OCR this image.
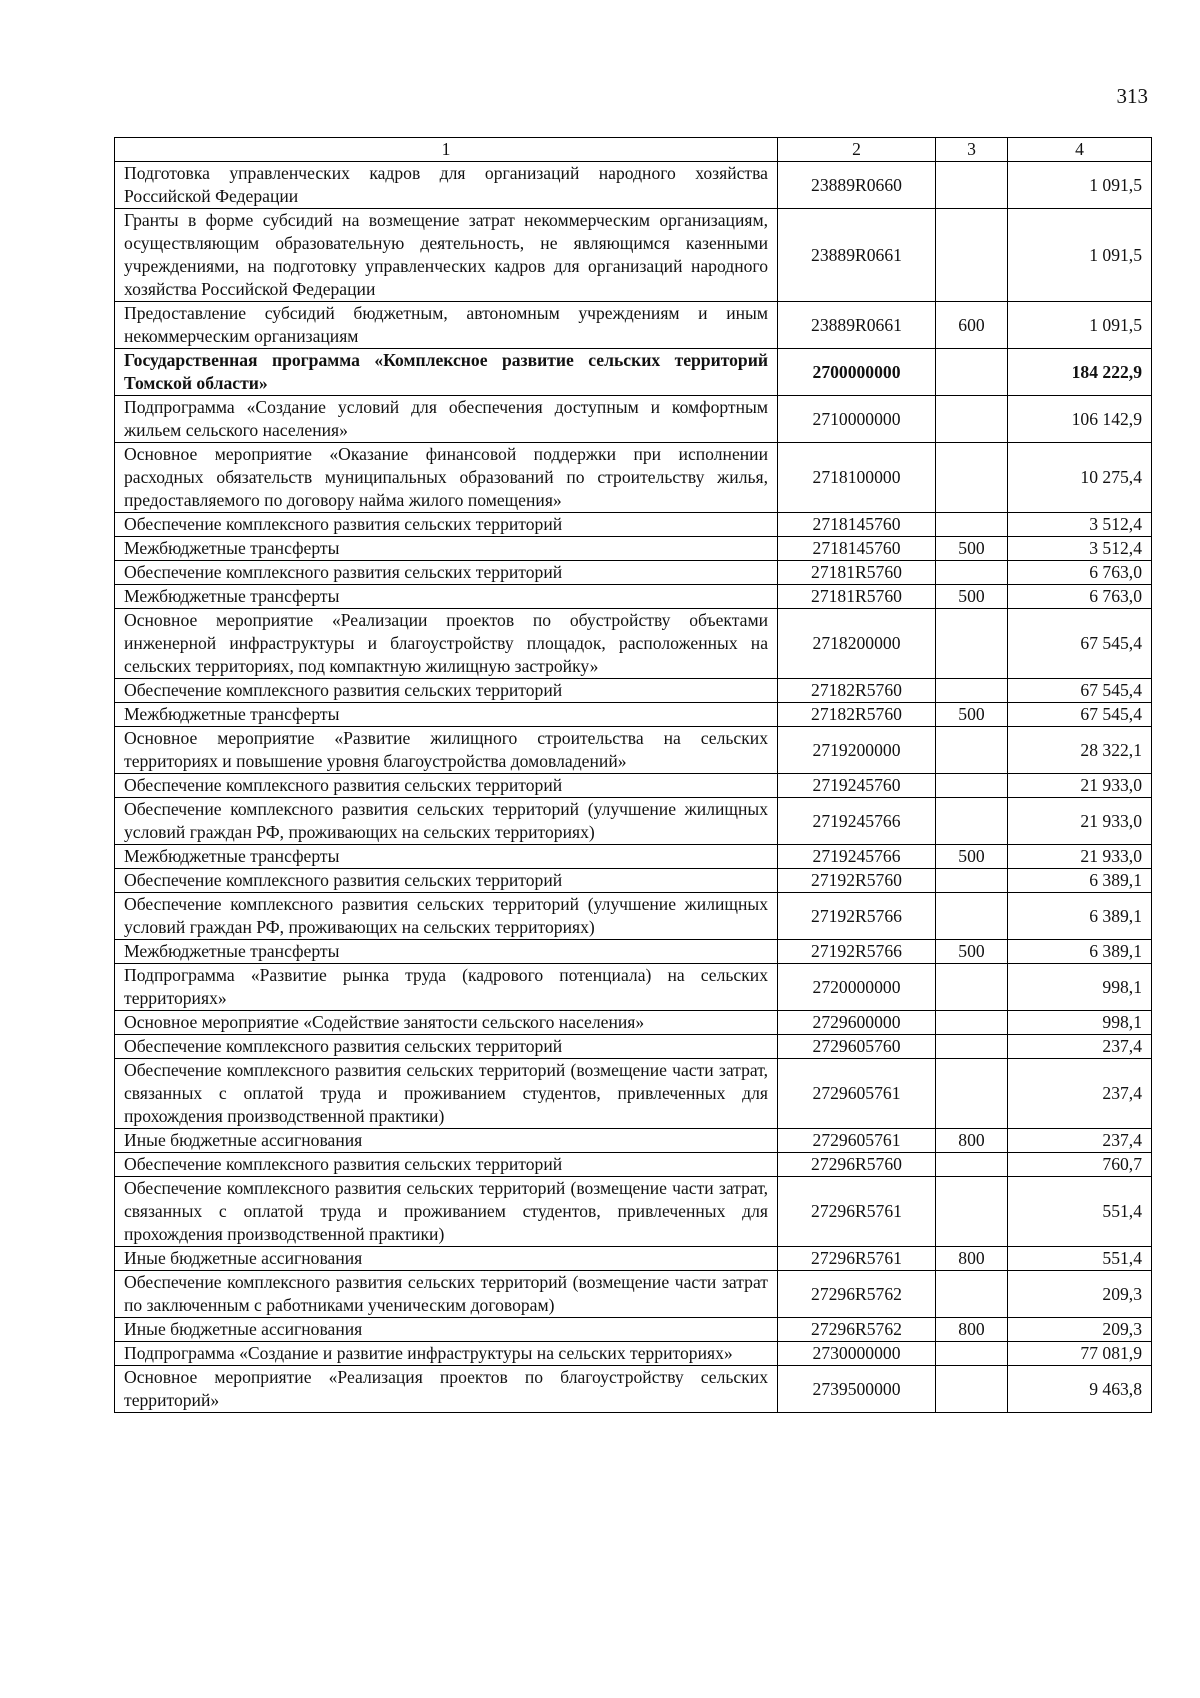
313
1	2	3	4
Подготовка управленческих кадров для организаций народного хозяйства Российской Федерации	23889R0660		1 091,5
Гранты в форме субсидий на возмещение затрат некоммерческим организациям, осуществляющим образовательную деятельность, не являющимся казенными учреждениями, на подготовку управленческих кадров для организаций народного хозяйства Российской Федерации	23889R0661		1 091,5
Предоставление субсидий бюджетным, автономным учреждениям и иным некоммерческим организациям	23889R0661	600	1 091,5
Государственная программа «Комплексное развитие сельских территорий Томской области»	2700000000		184 222,9
Подпрограмма «Создание условий для обеспечения доступным и комфортным жильем сельского населения»	2710000000		106 142,9
Основное мероприятие «Оказание финансовой поддержки при исполнении расходных обязательств муниципальных образований по строительству жилья, предоставляемого по договору найма жилого помещения»	2718100000		10 275,4
Обеспечение комплексного развития сельских территорий	2718145760		3 512,4
Межбюджетные трансферты	2718145760	500	3 512,4
Обеспечение комплексного развития сельских территорий	27181R5760		6 763,0
Межбюджетные трансферты	27181R5760	500	6 763,0
Основное мероприятие «Реализации проектов по обустройству объектами инженерной инфраструктуры и благоустройству площадок, расположенных на сельских территориях, под компактную жилищную застройку»	2718200000		67 545,4
Обеспечение комплексного развития сельских территорий	27182R5760		67 545,4
Межбюджетные трансферты	27182R5760	500	67 545,4
Основное мероприятие «Развитие жилищного строительства на сельских территориях и повышение уровня благоустройства домовладений»	2719200000		28 322,1
Обеспечение комплексного развития сельских территорий	2719245760		21 933,0
Обеспечение комплексного развития сельских территорий (улучшение жилищных условий граждан РФ, проживающих на сельских территориях)	2719245766		21 933,0
Межбюджетные трансферты	2719245766	500	21 933,0
Обеспечение комплексного развития сельских территорий	27192R5760		6 389,1
Обеспечение комплексного развития сельских территорий (улучшение жилищных условий граждан РФ, проживающих на сельских территориях)	27192R5766		6 389,1
Межбюджетные трансферты	27192R5766	500	6 389,1
Подпрограмма «Развитие рынка труда (кадрового потенциала) на сельских территориях»	2720000000		998,1
Основное мероприятие «Содействие занятости сельского населения»	2729600000		998,1
Обеспечение комплексного развития сельских территорий	2729605760		237,4
Обеспечение комплексного развития сельских территорий (возмещение части затрат, связанных с оплатой труда и проживанием студентов, привлеченных для прохождения производственной практики)	2729605761		237,4
Иные бюджетные ассигнования	2729605761	800	237,4
Обеспечение комплексного развития сельских территорий	27296R5760		760,7
Обеспечение комплексного развития сельских территорий (возмещение части затрат, связанных с оплатой труда и проживанием студентов, привлеченных для прохождения производственной практики)	27296R5761		551,4
Иные бюджетные ассигнования	27296R5761	800	551,4
Обеспечение комплексного развития сельских территорий (возмещение части затрат по заключенным с работниками ученическим договорам)	27296R5762		209,3
Иные бюджетные ассигнования	27296R5762	800	209,3
Подпрограмма «Создание и развитие инфраструктуры на сельских территориях»	2730000000		77 081,9
Основное мероприятие «Реализация проектов по благоустройству сельских территорий»	2739500000		9 463,8
